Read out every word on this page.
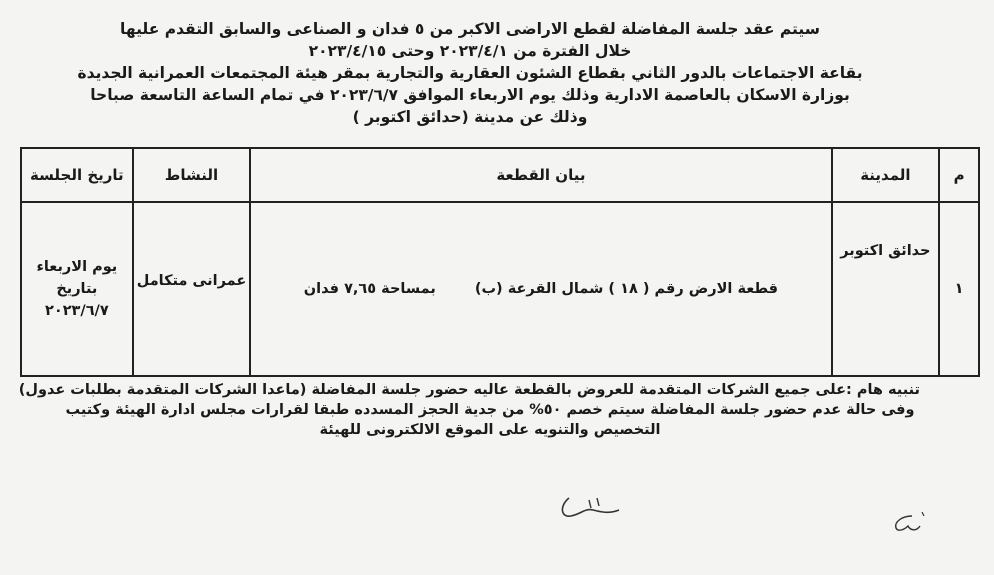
سيتم عقد جلسة المفاضلة لقطع الاراضى الاكبر من ٥ فدان و الصناعى والسابق التقدم عليها
خلال الفترة من ٢٠٢٣/٤/١ وحتى ٢٠٢٣/٤/١٥
بقاعة الاجتماعات بالدور الثاني بقطاع الشئون العقارية والتجارية بمقر هيئة المجتمعات العمرانية الجديدة
بوزارة الاسكان بالعاصمة الادارية وذلك يوم الاربعاء الموافق ٢٠٢٣/٦/٧ في تمام الساعة التاسعة صباحا
وذلك عن مدينة (حدائق اكتوبر )
م	المدينة	بيان القطعة	النشاط	تاريخ الجلسة
١	حدائق اكتوبر	قطعة الارض رقم ( ١٨ ) شمال القرعة (ب) بمساحة ٧,٦٥ فدان	عمرانى متكامل	يوم الاربعاء
بتاريخ
٢٠٢٣/٦/٧
تنبيه هام :على جميع الشركات المتقدمة للعروض بالقطعة عاليه حضور جلسة المفاضلة (ماعدا الشركات المتقدمة بطلبات عدول)
وفى حالة عدم حضور جلسة المفاضلة سيتم خصم ٥٠% من جدية الحجز المسدده طبقا لقرارات مجلس ادارة الهيئة وكتيب
التخصيص والتنويه على الموقع الالكترونى للهيئة
